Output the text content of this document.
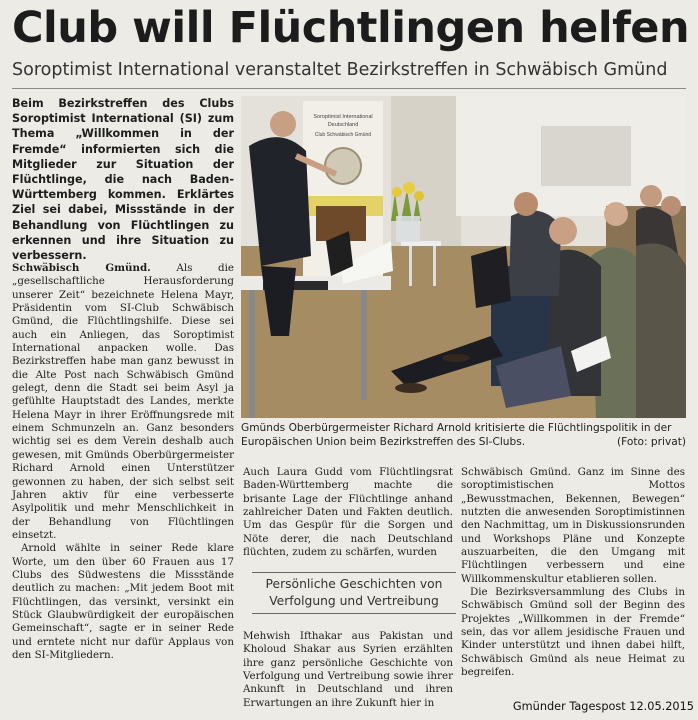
Club will Flüchtlingen helfen
Soroptimist International veranstaltet Bezirkstreffen in Schwäbisch Gmünd
Beim Bezirkstreffen des Clubs Soroptimist International (SI) zum Thema „Willkommen in der Fremde“ informierten sich die Mitglieder zur Situation der Flüchtlinge, die nach Baden-Württemberg kommen. Erklärtes Ziel sei dabei, Missstände in der Behandlung von Flüchtlingen zu erkennen und ihre Situation zu verbessern.

Schwäbisch Gmünd. Als die „gesellschaftliche Herausforderung unserer Zeit“ bezeichnete Helena Mayr, Präsidentin vom SI-Club Schwäbisch Gmünd, die Flüchtlingshilfe. Diese sei auch ein Anliegen, das Soroptimist International anpacken wolle. Das Bezirkstreffen habe man ganz bewusst in die Alte Post nach Schwäbisch Gmünd gelegt, denn die Stadt sei beim Asyl ja gefühlte Hauptstadt des Landes, merkte Helena Mayr in ihrer Eröffnungsrede mit einem Schmunzeln an. Ganz besonders wichtig sei es dem Verein deshalb auch gewesen, mit Gmünds Oberbürgermeister Richard Arnold einen Unterstützer gewonnen zu haben, der sich selbst seit Jahren aktiv für eine verbesserte Asylpolitik und mehr Menschlichkeit in der Behandlung von Flüchtlingen einsetzt.

Arnold wählte in seiner Rede klare Worte, um den über 60 Frauen aus 17 Clubs des Südwestens die Missstände deutlich zu machen: „Mit jedem Boot mit Flüchtlingen, das versinkt, versinkt ein Stück Glaubwürdigkeit der europäischen Gemeinschaft“, sagte er in seiner Rede und erntete nicht nur dafür Applaus von den SI-Mitgliedern.

Soroptimist International
Deutschland
Club Schwäbisch Gmünd
Gmünds Oberbürgermeister Richard Arnold kritisierte die Flüchtlingspolitik in der Europäischen Union beim Bezirkstreffen des SI-Clubs.	(Foto: privat)

Auch Laura Gudd vom Flüchtlingsrat Baden-Württemberg machte die brisante Lage der Flüchtlinge anhand zahlreicher Daten und Fakten deutlich. Um das Gespür für die Sorgen und Nöte derer, die nach Deutschland flüchten, zudem zu schärfen, wurden

Persönliche Geschichten von Verfolgung und Vertreibung

Mehwish Ifthakar aus Pakistan und Kholoud Shakar aus Syrien erzählten ihre ganz persönliche Geschichte von Verfolgung und Vertreibung sowie ihrer Ankunft in Deutschland und ihren Erwartungen an ihre Zukunft hier in

Schwäbisch Gmünd. Ganz im Sinne des soroptimistischen Mottos „Bewusstmachen, Bekennen, Bewegen“ nutzten die anwesenden Soroptimistinnen den Nachmittag, um in Diskussionsrunden und Workshops Pläne und Konzepte auszuarbeiten, die den Umgang mit Flüchtlingen verbessern und eine Willkommenskultur etablieren sollen.

Die Bezirksversammlung des Clubs in Schwäbisch Gmünd soll der Beginn des Projektes „Willkommen in der Fremde“ sein, das vor allem jesidische Frauen und Kinder unterstützt und ihnen dabei hilft, Schwäbisch Gmünd als neue Heimat zu begreifen.

Gmünder Tagespost 12.05.2015
